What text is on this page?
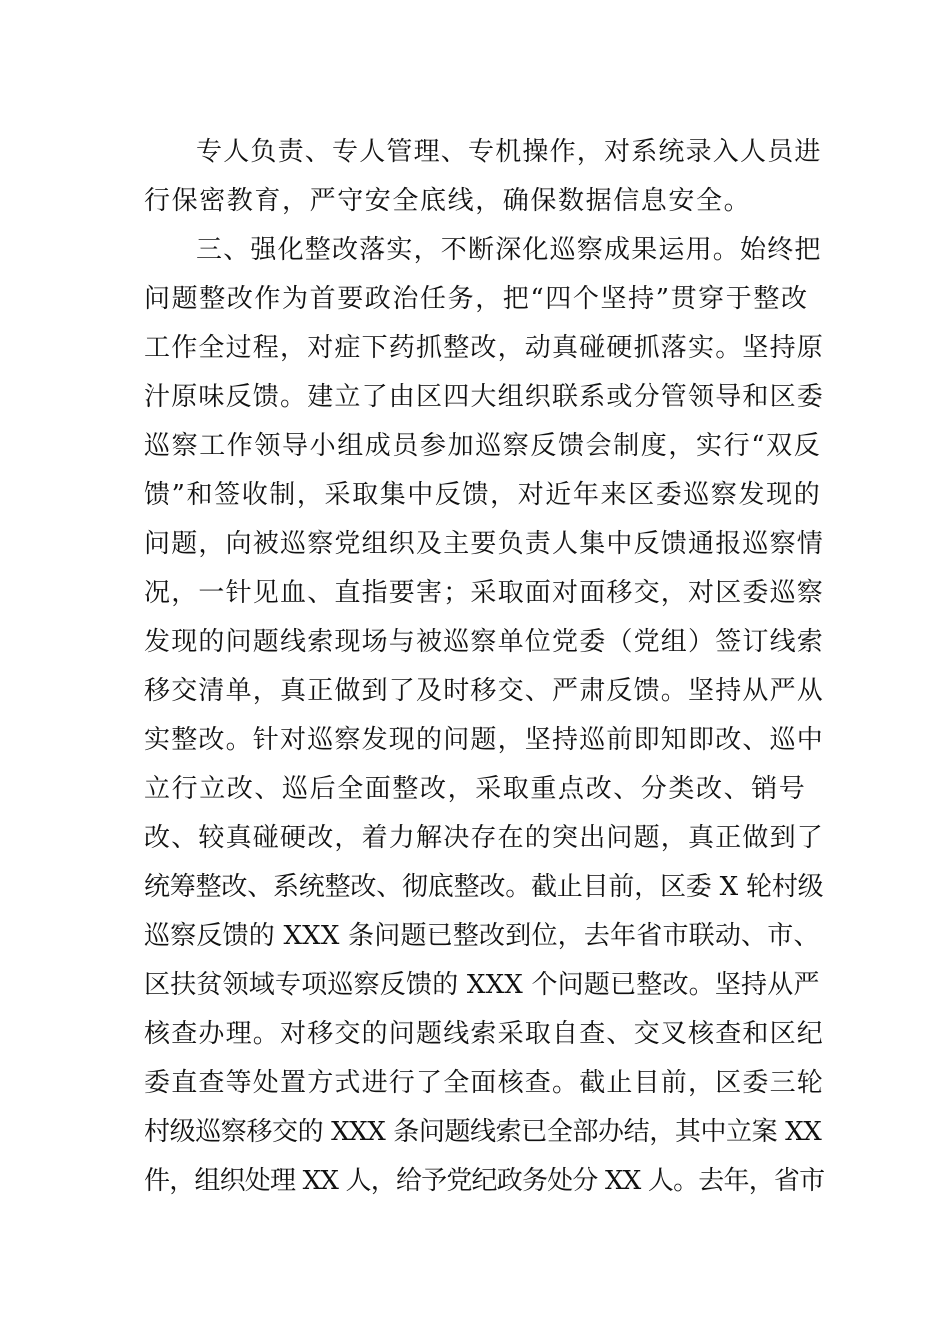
专人负责、专人管理、专机操作，对系统录入人员进
行保密教育，严守安全底线，确保数据信息安全。
三、强化整改落实，不断深化巡察成果运用。始终把
问题整改作为首要政治任务，把“四个坚持”贯穿于整改
工作全过程，对症下药抓整改，动真碰硬抓落实。坚持原
汁原味反馈。建立了由区四大组织联系或分管领导和区委
巡察工作领导小组成员参加巡察反馈会制度，实行“双反
馈”和签收制，采取集中反馈，对近年来区委巡察发现的
问题，向被巡察党组织及主要负责人集中反馈通报巡察情
况，一针见血、直指要害；采取面对面移交，对区委巡察
发现的问题线索现场与被巡察单位党委（党组）签订线索
移交清单，真正做到了及时移交、严肃反馈。坚持从严从
实整改。针对巡察发现的问题，坚持巡前即知即改、巡中
立行立改、巡后全面整改，采取重点改、分类改、销号
改、较真碰硬改，着力解决存在的突出问题，真正做到了
统筹整改、系统整改、彻底整改。截止目前，区委 X 轮村级
巡察反馈的 XXX 条问题已整改到位，去年省市联动、市、
区扶贫领域专项巡察反馈的 XXX 个问题已整改。坚持从严
核查办理。对移交的问题线索采取自查、交叉核查和区纪
委直查等处置方式进行了全面核查。截止目前，区委三轮
村级巡察移交的 XXX 条问题线索已全部办结，其中立案 XX
件，组织处理 XX 人，给予党纪政务处分 XX 人。去年，省市
